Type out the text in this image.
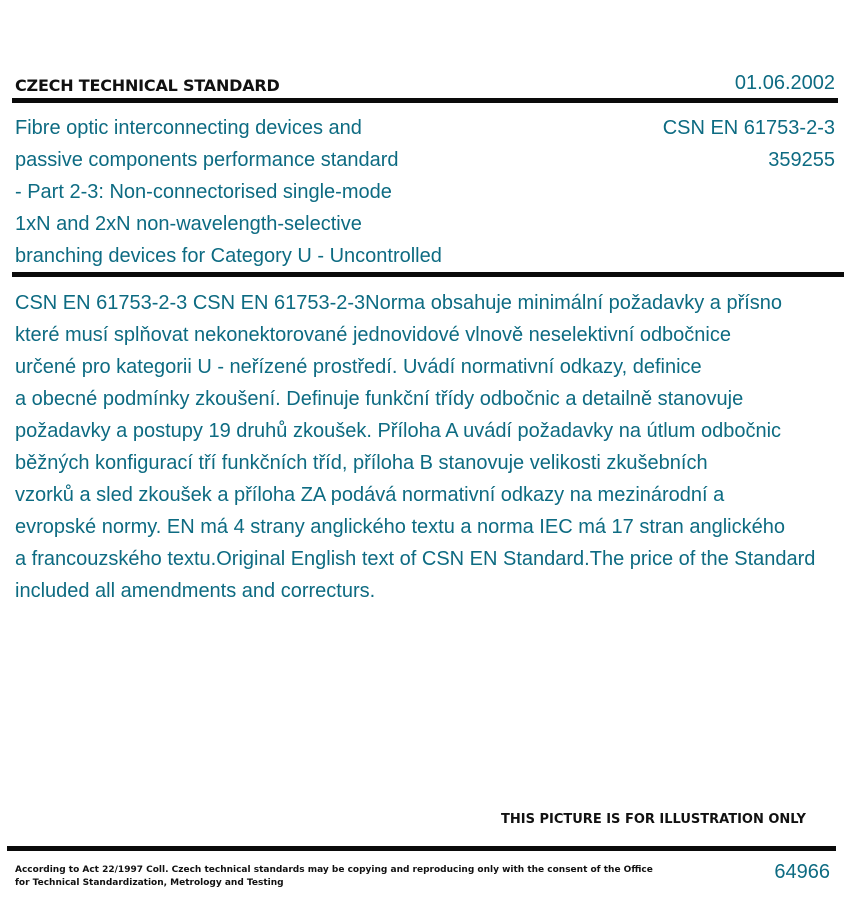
CZECH TECHNICAL STANDARD	01.06.2002
Fibre optic interconnecting devices and
passive components performance standard
- Part 2-3: Non-connectorised single-mode
1xN and 2xN non-wavelength-selective
branching devices for Category U - Uncontrolled
CSN EN 61753-2-3
359255
CSN EN 61753-2-3 CSN EN 61753-2-3Norma obsahuje minimální požadavky a přísno
které musí splňovat nekonektorované jednovidové vlnově neselektivní odbočnice
určené pro kategorii U - neřízené prostředí. Uvádí normativní odkazy, definice
a obecné podmínky zkoušení. Definuje funkční třídy odbočnic a detailně stanovuje
požadavky a postupy 19 druhů zkoušek. Příloha A uvádí požadavky na útlum odbočnic
běžných konfigurací tří funkčních tříd, příloha B stanovuje velikosti zkušebních
vzorků a sled zkoušek a příloha ZA podává normativní odkazy na mezinárodní a
evropské normy. EN má 4 strany anglického textu a norma IEC má 17 stran anglického
a francouzského textu.Original English text of CSN EN Standard.The price of the Standard
included all amendments and correcturs.
THIS PICTURE IS FOR ILLUSTRATION ONLY
According to Act 22/1997 Coll. Czech technical standards may be copying and reproducing only with the consent of the Office
for Technical Standardization, Metrology and Testing	64966
